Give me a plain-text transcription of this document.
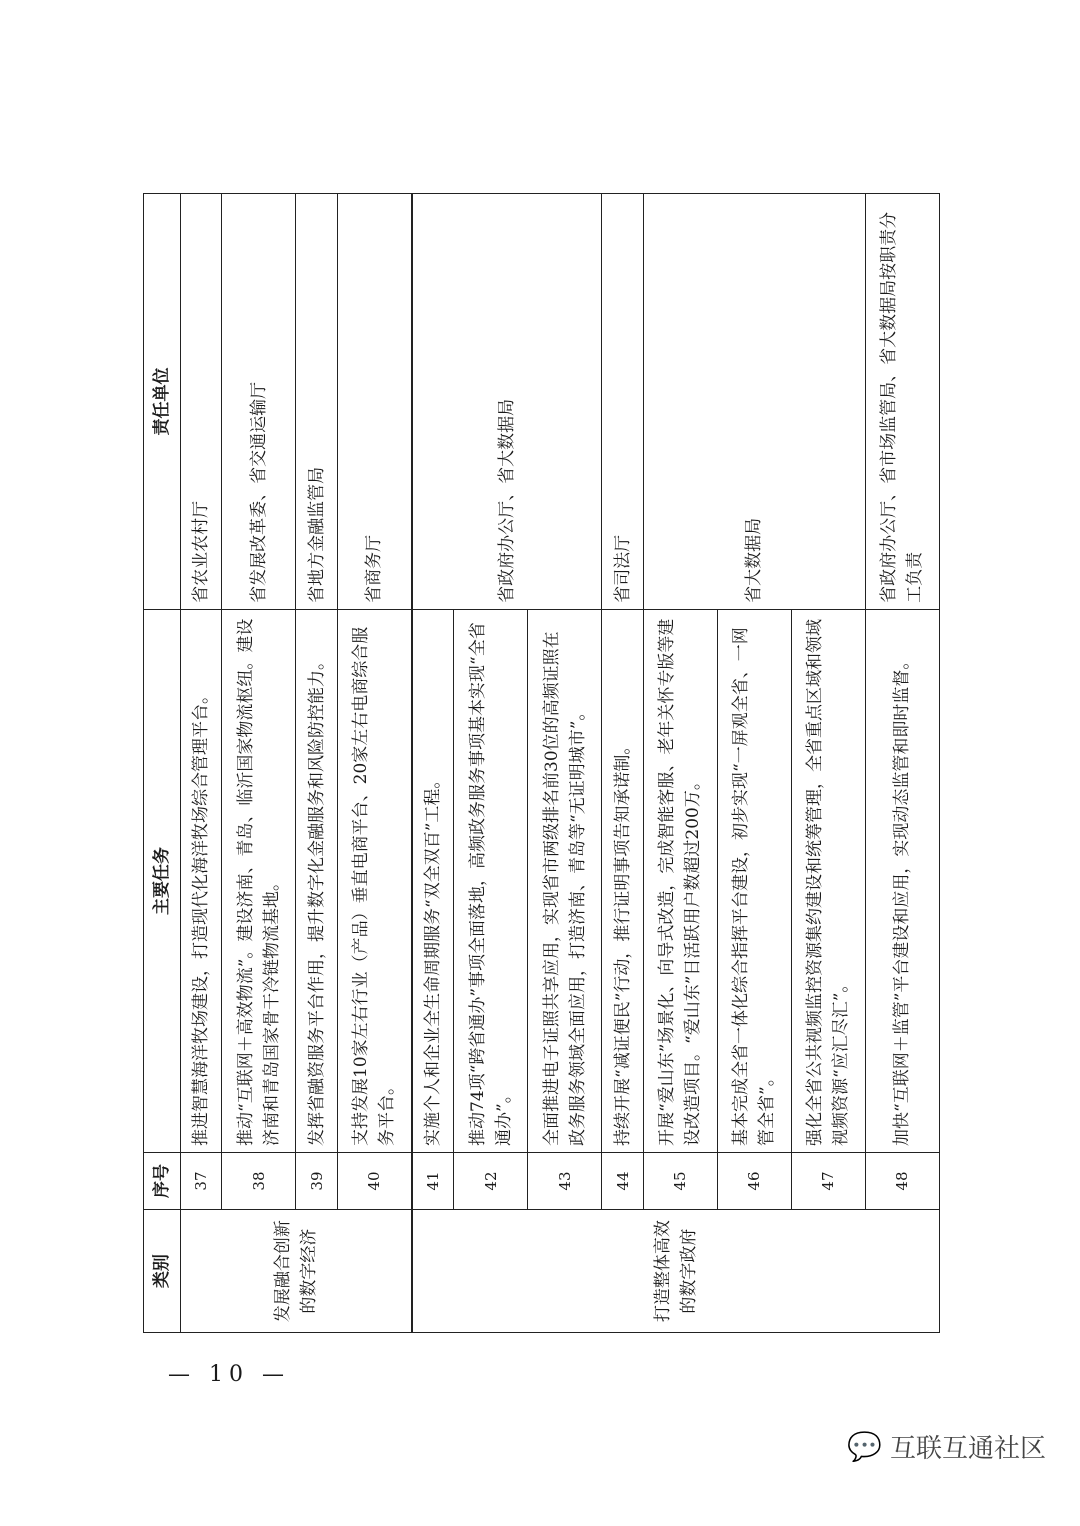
类别	序号	主要任务	责任单位
发展融合创新的数字经济	37	推进智慧海洋牧场建设，打造现代化海洋牧场综合管理平台。	省农业农村厅
	38	推动“互联网＋高效物流”。建设济南、青岛、临沂国家物流枢纽。建设济南和青岛国家骨干冷链物流基地。	省发展改革委、省交通运输厅
	39	发挥省融资服务平台作用，提升数字化金融服务和风险防控能力。	省地方金融监管局
	40	支持发展10家左右行业（产品）垂直电商平台、20家左右电商综合服务平台。	省商务厅
打造整体高效的数字政府	41	实施个人和企业全生命周期服务“双全双百”工程。	省政府办公厅、省大数据局
	42	推动74项“跨省通办”事项全面落地，高频政务服务事项基本实现“全省通办”。	
	43	全面推进电子证照共享应用，实现省市两级排名前30位的高频证照在政务服务领域全面应用，打造济南、青岛等“无证明城市”。	
	44	持续开展“减证便民”行动，推行证明事项告知承诺制。	省司法厅
	45	开展“爱山东”场景化、向导式改造，完成智能客服、老年关怀专版等建设改造项目。“爱山东”日活跃用户数超过200万。	省大数据局
	46	基本完成全省一体化综合指挥平台建设，初步实现“一屏观全省、一网管全省”。	
	47	强化全省公共视频监控资源集约建设和统筹管理，全省重点区域和领域视频资源“应汇尽汇”。	
	48	加快“互联网＋监管”平台建设和应用，实现动态监管和即时监督。	省政府办公厅、省市场监管局、省大数据局按职责分工负责
— 10 —
💬 互联互通社区
